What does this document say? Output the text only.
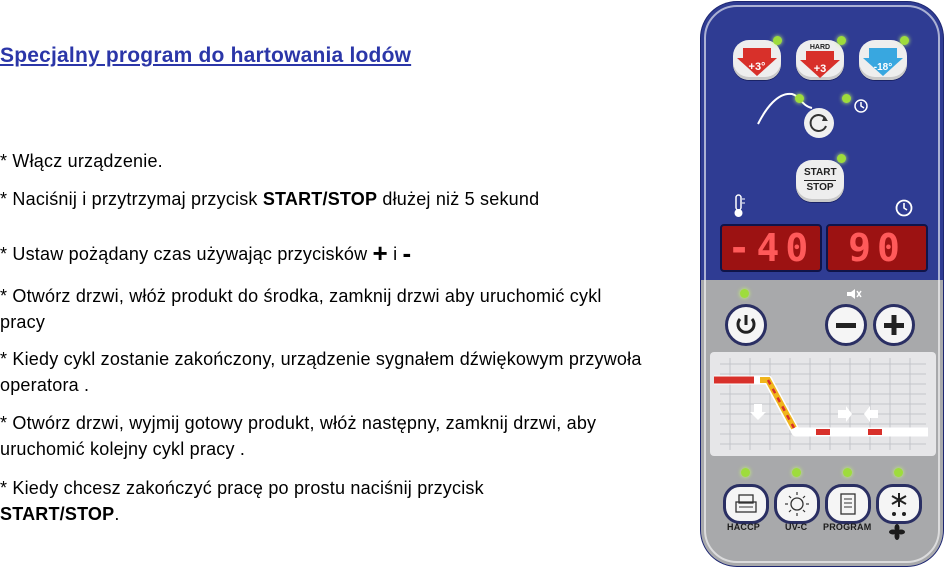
Specjalny program do hartowania lodów
* Włącz urządzenie.
* Naciśnij i przytrzymaj przycisk START/STOP dłużej niż 5 sekund
* Ustaw pożądany czas używając przycisków + i -
* Otwórz drzwi, włóż produkt do środka, zamknij drzwi aby uruchomić cykl pracy
* Kiedy cykl zostanie zakończony, urządzenie sygnałem dźwiękowym przywoła operatora .
* Otwórz drzwi, wyjmij gotowy produkt, włóż następny, zamknij drzwi, aby uruchomić kolejny cykl pracy .
* Kiedy chcesz zakończyć pracę po prostu naciśnij przycisk
START/STOP.
+3°
HARD
+3	-18°
START
STOP
-40 90
HACCP	UV-C PROGRAM
